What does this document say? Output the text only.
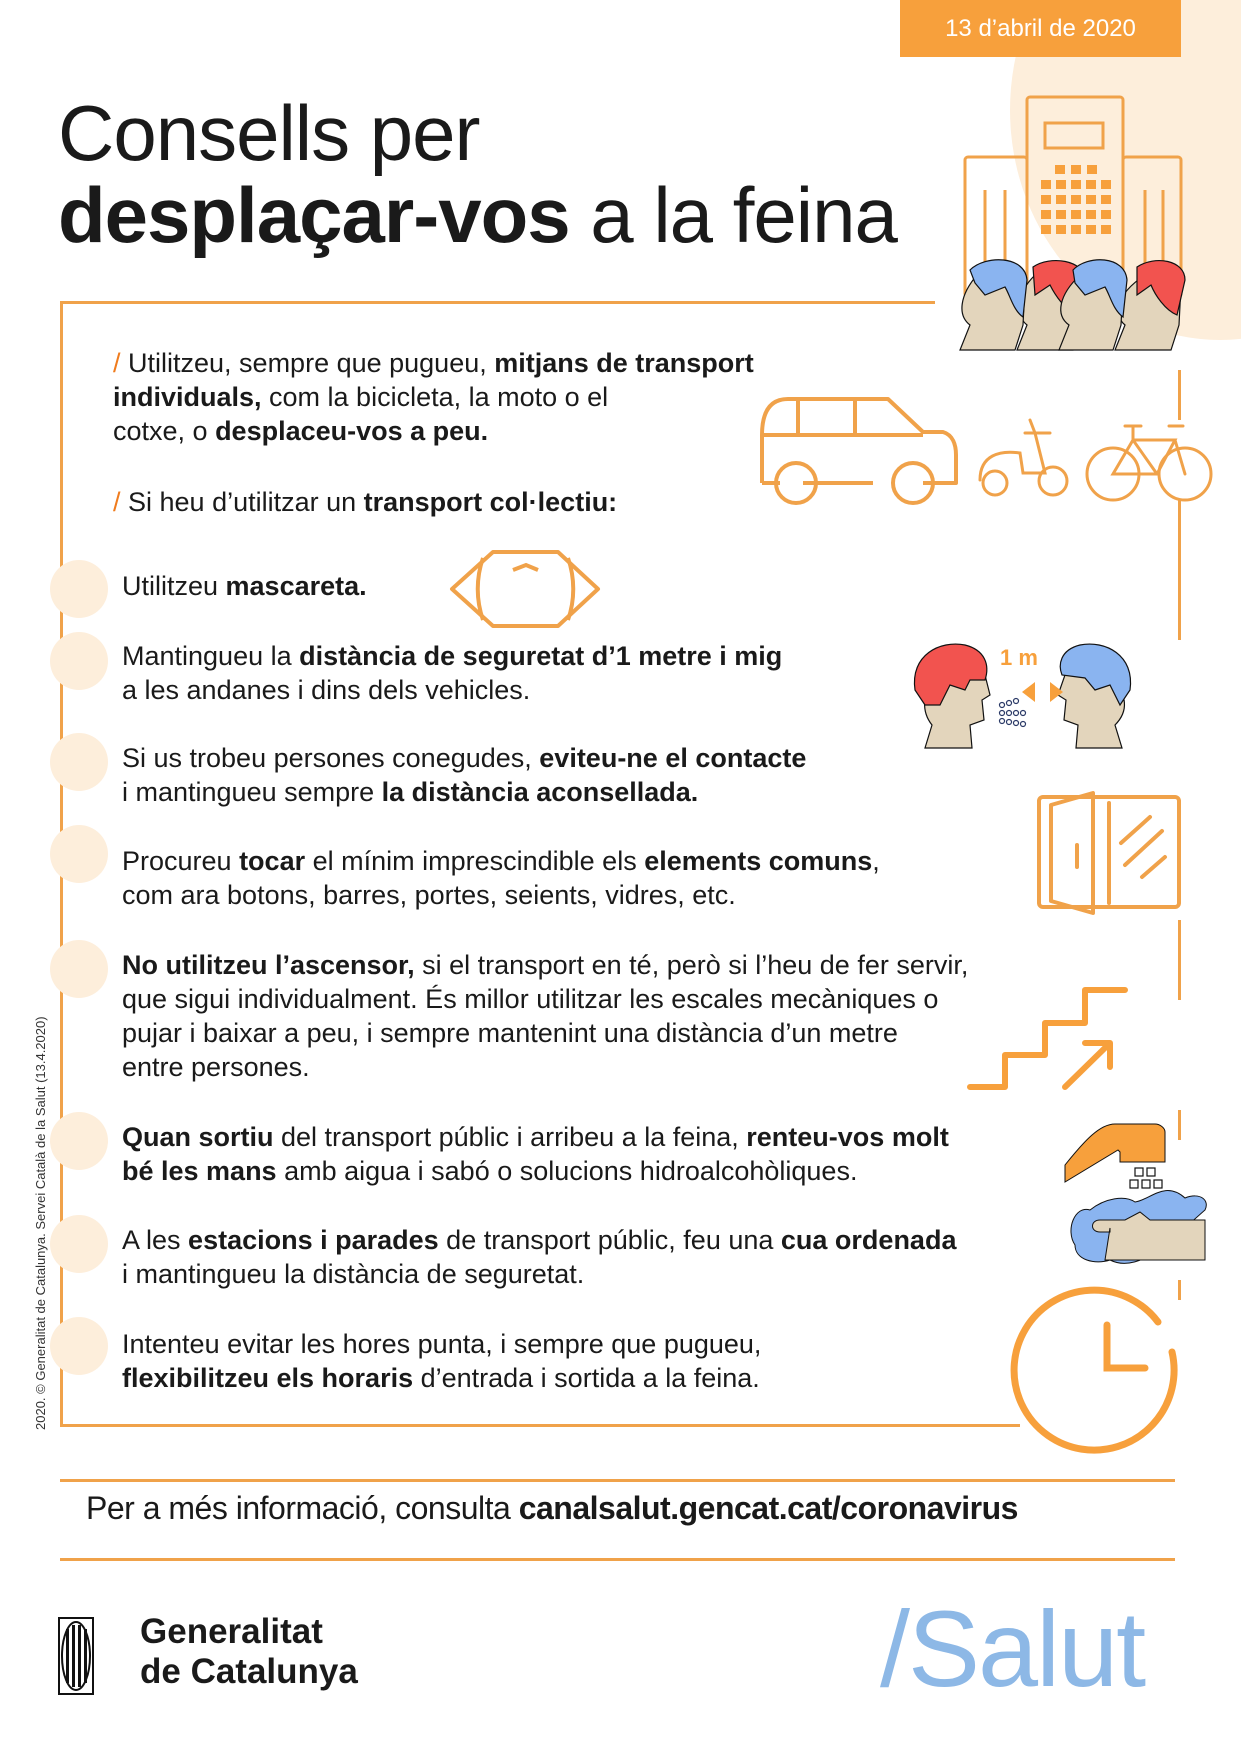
13 d’abril de 2020
Consells per
desplaçar-vos a la feina
/ Utilitzeu, sempre que pugueu, mitjans de transport
individuals, com la bicicleta, la moto o el
cotxe, o desplaceu-vos a peu.
/ Si heu d’utilitzar un transport col·lectiu:
Utilitzeu mascareta.
Mantingueu la distància de seguretat d’1 metre i mig
a les andanes i dins dels vehicles.
1 m
Si us trobeu persones conegudes, eviteu-ne el contacte
i mantingueu sempre la distància aconsellada.
Procureu tocar el mínim imprescindible els elements comuns,
com ara botons, barres, portes, seients, vidres, etc.
No utilitzeu l’ascensor, si el transport en té, però si l’heu de fer servir,
que sigui individualment. És millor utilitzar les escales mecàniques o
pujar i baixar a peu, i sempre mantenint una distància d’un metre
entre persones.
Quan sortiu del transport públic i arribeu a la feina, renteu-vos molt
bé les mans amb aigua i sabó o solucions hidroalcohòliques.
A les estacions i parades de transport públic, feu una cua ordenada
i mantingueu la distància de seguretat.
Intenteu evitar les hores punta, i sempre que pugueu,
flexibilitzeu els horaris d’entrada i sortida a la feina.
2020. © Generalitat de Catalunya. Servei Català de la Salut (13.4.2020)
Per a més informació, consulta canalsalut.gencat.cat/coronavirus
Generalitat
de Catalunya	/Salut
